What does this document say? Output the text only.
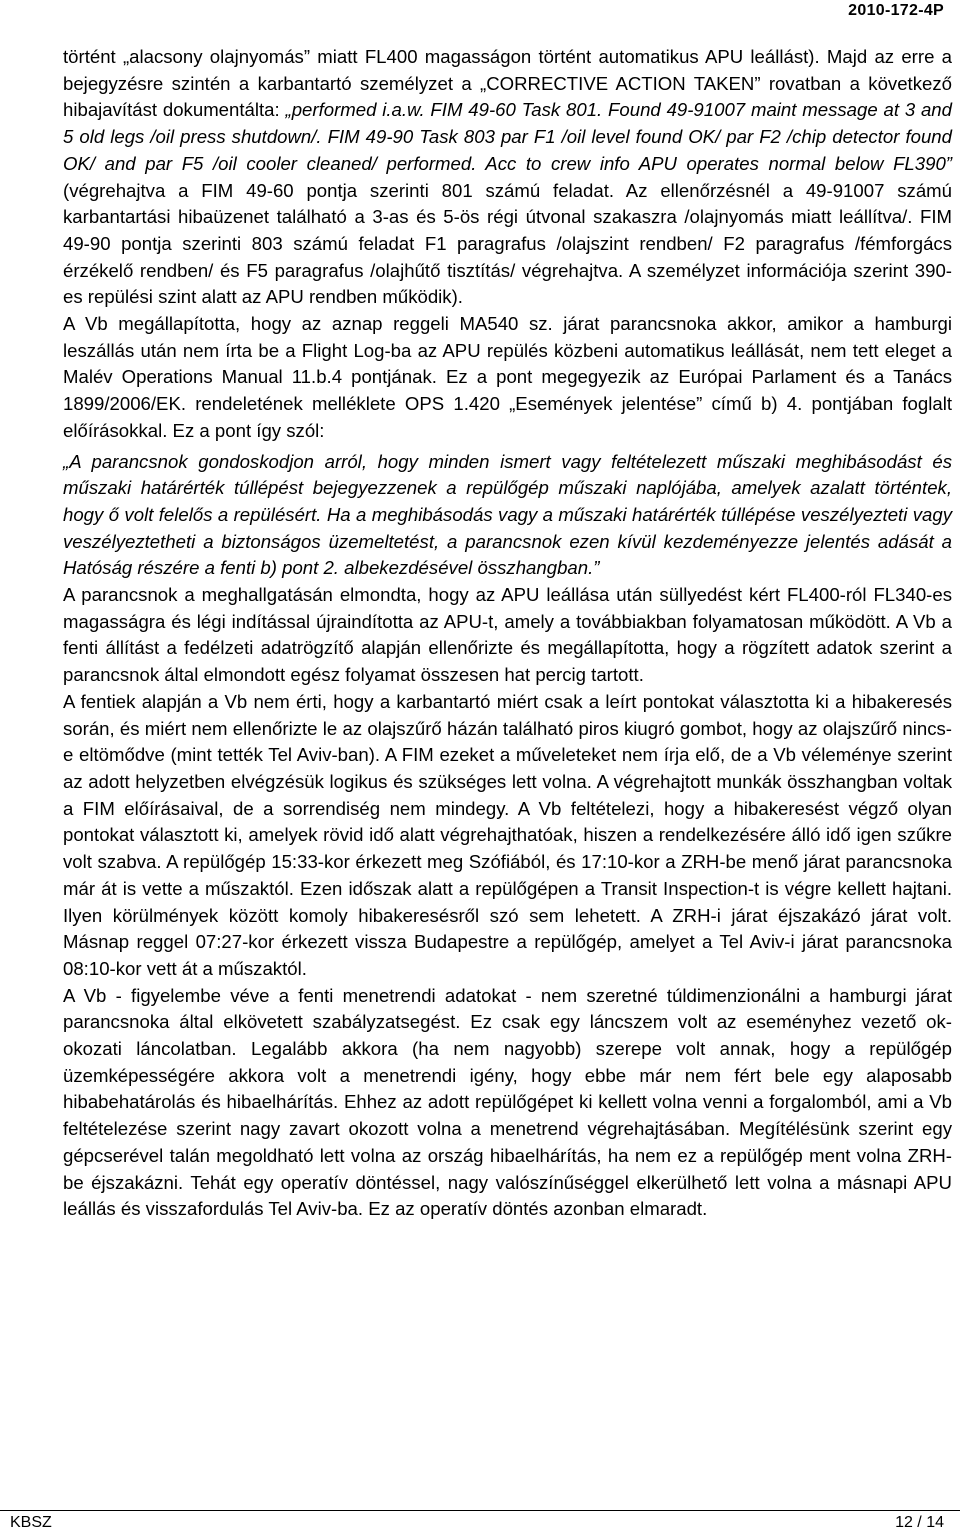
2010-172-4P

történt „alacsony olajnyomás” miatt FL400 magasságon történt automatikus APU leállást). Majd az erre a bejegyzésre szintén a karbantartó személyzet a „CORRECTIVE ACTION TAKEN” rovatban a következő hibajavítást dokumentálta: „performed i.a.w. FIM 49-60 Task 801. Found 49-91007 maint message at 3 and 5 old legs /oil press shutdown/. FIM 49-90 Task 803 par F1 /oil level found OK/ par F2 /chip detector found OK/ and par F5 /oil cooler cleaned/ performed. Acc to crew info APU operates normal below FL390” (végrehajtva a FIM 49-60 pontja szerinti 801 számú feladat. Az ellenőrzésnél a 49-91007 számú karbantartási hibaüzenet található a 3-as és 5-ös régi útvonal szakaszra /olajnyomás miatt leállítva/. FIM 49-90 pontja szerinti 803 számú feladat F1 paragrafus /olajszint rendben/ F2 paragrafus /fémforgács érzékelő rendben/ és F5 paragrafus /olajhűtő tisztítás/ végrehajtva. A személyzet információja szerint 390-es repülési szint alatt az APU rendben működik).

A Vb megállapította, hogy az aznap reggeli MA540 sz. járat parancsnoka akkor, amikor a hamburgi leszállás után nem írta be a Flight Log-ba az APU repülés közbeni automatikus leállását, nem tett eleget a Malév Operations Manual 11.b.4 pontjának. Ez a pont megegyezik az Európai Parlament és a Tanács 1899/2006/EK. rendeletének melléklete OPS 1.420 „Események jelentése” című b) 4. pontjában foglalt előírásokkal. Ez a pont így szól:

„A parancsnok gondoskodjon arról, hogy minden ismert vagy feltételezett műszaki meghibásodást és műszaki határérték túllépést bejegyezzenek a repülőgép műszaki naplójába, amelyek azalatt történtek, hogy ő volt felelős a repülésért. Ha a meghibásodás vagy a műszaki határérték túllépése veszélyezteti vagy veszélyeztetheti a biztonságos üzemeltetést, a parancsnok ezen kívül kezdeményezze jelentés adását a Hatóság részére a fenti b) pont 2. albekezdésével összhangban.”

A parancsnok a meghallgatásán elmondta, hogy az APU leállása után süllyedést kért FL400-ról FL340-es magasságra és légi indítással újraindította az APU-t, amely a továbbiakban folyamatosan működött. A Vb a fenti állítást a fedélzeti adatrögzítő alapján ellenőrizte és megállapította, hogy a rögzített adatok szerint a parancsnok által elmondott egész folyamat összesen hat percig tartott.

A fentiek alapján a Vb nem érti, hogy a karbantartó miért csak a leírt pontokat választotta ki a hibakeresés során, és miért nem ellenőrizte le az olajszűrő házán található piros kiugró gombot, hogy az olajszűrő nincs-e eltömődve (mint tették Tel Aviv-ban). A FIM ezeket a műveleteket nem írja elő, de a Vb véleménye szerint az adott helyzetben elvégzésük logikus és szükséges lett volna. A végrehajtott munkák összhangban voltak a FIM előírásaival, de a sorrendiség nem mindegy. A Vb feltételezi, hogy a hibakeresést végző olyan pontokat választott ki, amelyek rövid idő alatt végrehajthatóak, hiszen a rendelkezésére álló idő igen szűkre volt szabva. A repülőgép 15:33-kor érkezett meg Szófiából, és 17:10-kor a ZRH-be menő járat parancsnoka már át is vette a műszaktól. Ezen időszak alatt a repülőgépen a Transit Inspection-t is végre kellett hajtani. Ilyen körülmények között komoly hibakeresésről szó sem lehetett. A ZRH-i járat éjszakázó járat volt. Másnap reggel 07:27-kor érkezett vissza Budapestre a repülőgép, amelyet a Tel Aviv-i járat parancsnoka 08:10-kor vett át a műszaktól.

A Vb - figyelembe véve a fenti menetrendi adatokat - nem szeretné túldimenzionálni a hamburgi járat parancsnoka által elkövetett szabályzatsegést. Ez csak egy láncszem volt az eseményhez vezető ok-okozati láncolatban. Legalább akkora (ha nem nagyobb) szerepe volt annak, hogy a repülőgép üzemképességére akkora volt a menetrendi igény, hogy ebbe már nem fért bele egy alaposabb hibabehatárolás és hibaelhárítás. Ehhez az adott repülőgépet ki kellett volna venni a forgalomból, ami a Vb feltételezése szerint nagy zavart okozott volna a menetrend végrehajtásában. Megítélésünk szerint egy gépcserével talán megoldható lett volna az ország hibaelhárítás, ha nem ez a repülőgép ment volna ZRH-be éjszakázni. Tehát egy operatív döntéssel, nagy valószínűséggel elkerülhető lett volna a másnapi APU leállás és visszafordulás Tel Aviv-ba. Ez az operatív döntés azonban elmaradt.

KBSZ	12 / 14
